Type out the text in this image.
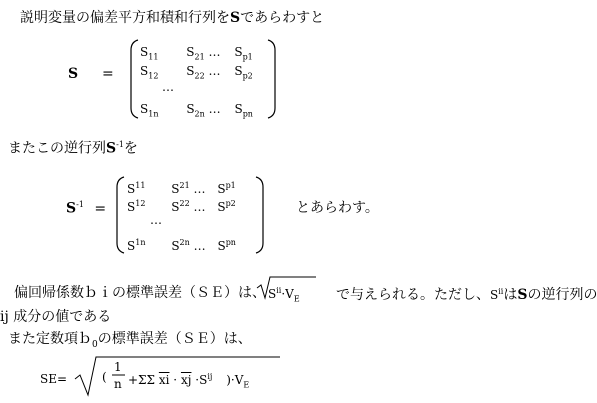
説明変量の偏差平方和積和行列をSであらわすと
S =
$S_{11}$ $S_{21}$ … $S_{p1}$
$S_{12}$ $S_{22}$ … $S_{p2}$
…
$S_{1n}$ $S_{2n}$ … $S_{pn}$
またこの逆行列$S^{-1}$を
$S^{-1}$ =
$S^{11}$ $S^{21}$ … $S^{p1}$
$S^{12}$ $S^{22}$ … $S^{p2}$
…
$S^{1n}$ $S^{2n}$ … $S^{pn}$
とあらわす。
偏回帰係数ｂｉの標準誤差（ＳＥ）は、 $S^{ii}\cdot V_E$	で与えられる。ただし、$S^{ii}$はSの逆行列の
ij 成分の値である
また定数項ｂ$_0$の標準誤差（ＳＥ）は、
SE=	(
1
n +ΣΣ $\overline{xi} \cdot \overline{xj} \cdot S^{ij}$ )$\cdot V_E$
